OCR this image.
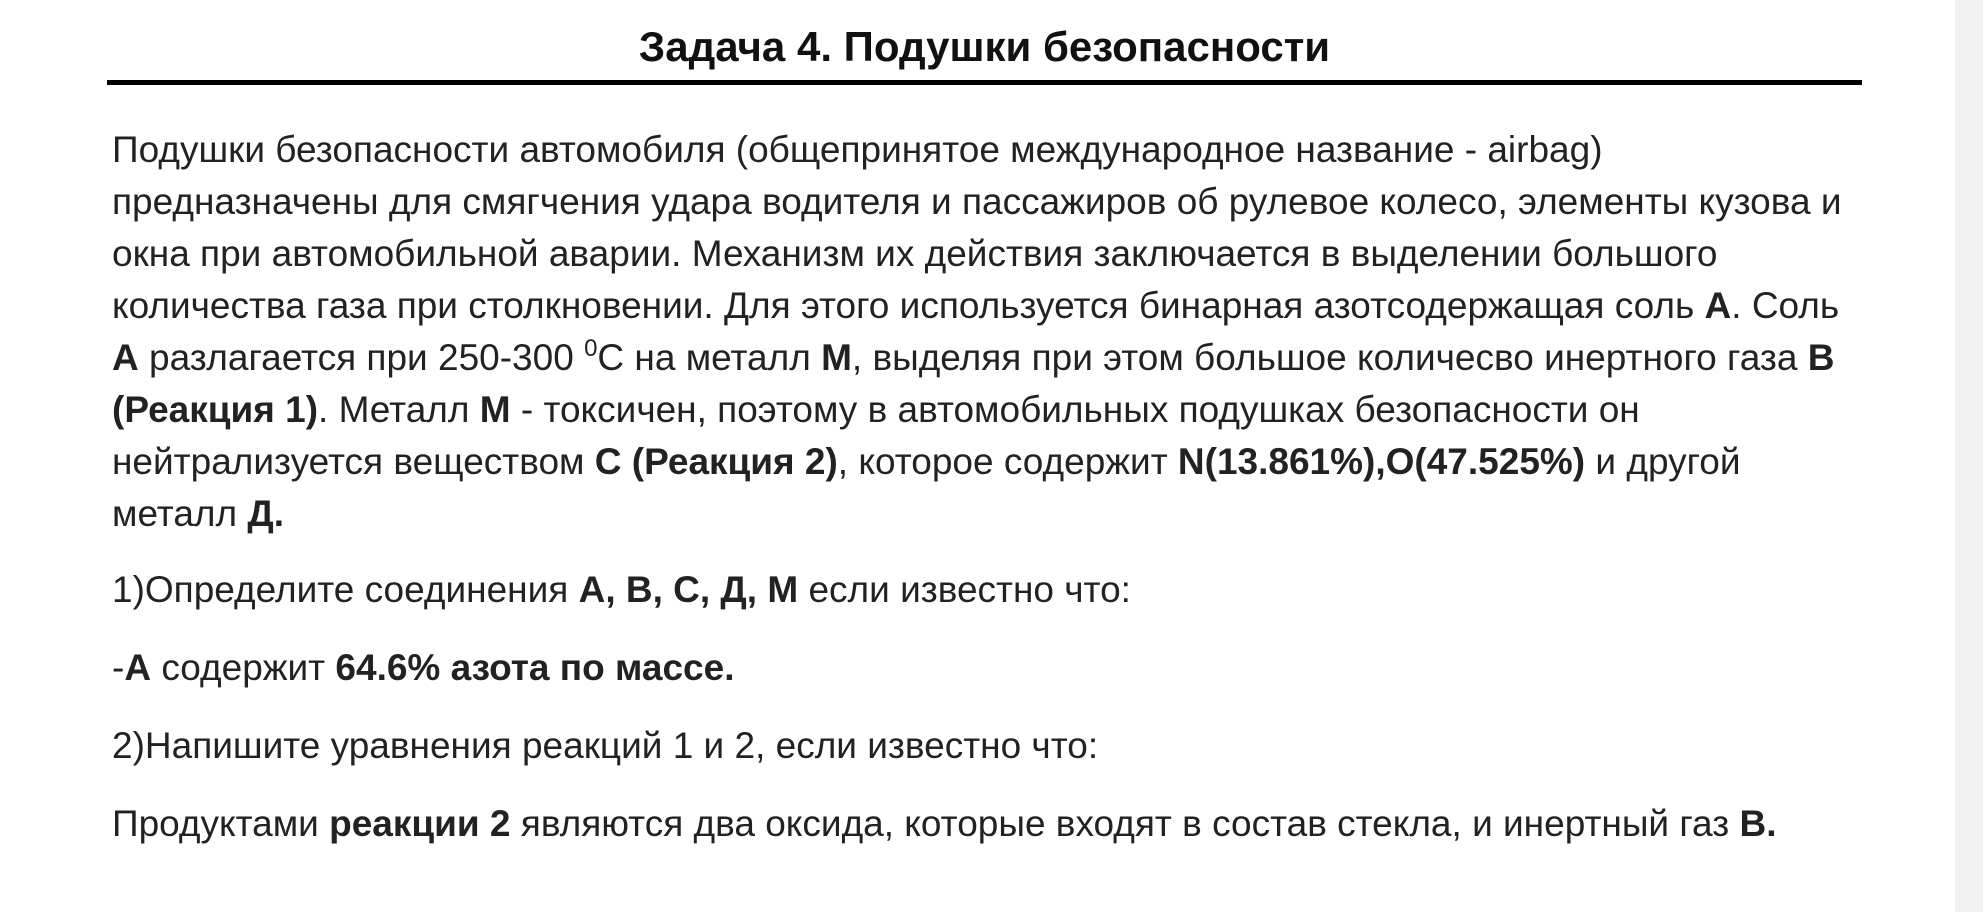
Задача 4. Подушки безопасности

Подушки безопасности автомобиля (общепринятое международное название - airbag) предназначены для смягчения удара водителя и пассажиров об рулевое колесо, элементы кузова и окна при автомобильной аварии. Механизм их действия заключается в выделении большого количества газа при столкновении. Для этого используется бинарная азотсодержащая соль А. Соль А разлагается при 250-300 $^0$С на металл M, выделяя при этом большое количесво инертного газа В (Реакция 1). Металл M - токсичен, поэтому в автомобильных подушках безопасности он нейтрализуется веществом С (Реакция 2), которое содержит N(13.861%),O(47.525%) и другой металл Д.

1)Определите соединения А, В, С, Д, M если известно что:

-А содержит 64.6% азота по массе.

2)Напишите уравнения реакций 1 и 2, если известно что:

Продуктами реакции 2 являются два оксида, которые входят в состав стекла, и инертный газ В.
